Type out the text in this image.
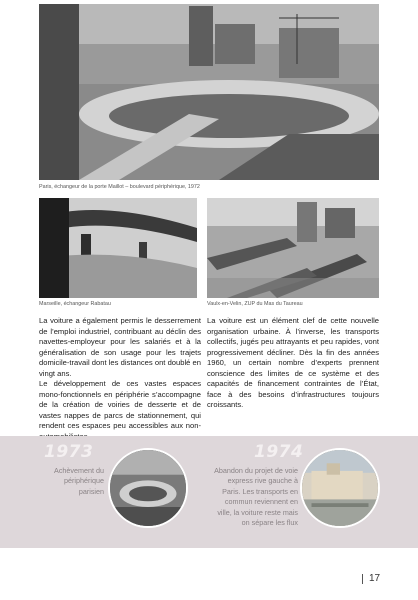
Paris, échangeur de la porte Maillot – boulevard périphérique, 1972
Marseille, échangeur Rabatau	Vaulx-en-Velin, ZUP du Mas du Taureau

La voiture a également permis le desserrement de l’emploi industriel, contribuant au déclin des navettes-employeur pour les salariés et à la généralisation de son usage pour les trajets domicile-travail dont les distances ont doublé en vingt ans.

Le développement de ces vastes espaces mono-fonctionnels en périphérie s’accompagne de la création de voiries de desserte et de vastes nappes de parcs de stationnement, qui rendent ces espaces peu accessibles aux non-

La voiture est un élément clef de cette nouvelle organisation urbaine. À l’inverse, les transports collectifs, jugés peu attrayants et peu rapides, vont progressivement décliner. Dès la fin des années 1960, un certain nombre d’experts prennent conscience des limites de ce système et des capacités de financement contraintes de l’État, face à des besoins d’infrastructures toujours croissants.

1973
Achèvement du périphérique parisien
1974
Abandon du projet de voie express rive gauche à Paris. Les transports en commun reviennent en ville, la voiture reste mais on sépare les flux
17
